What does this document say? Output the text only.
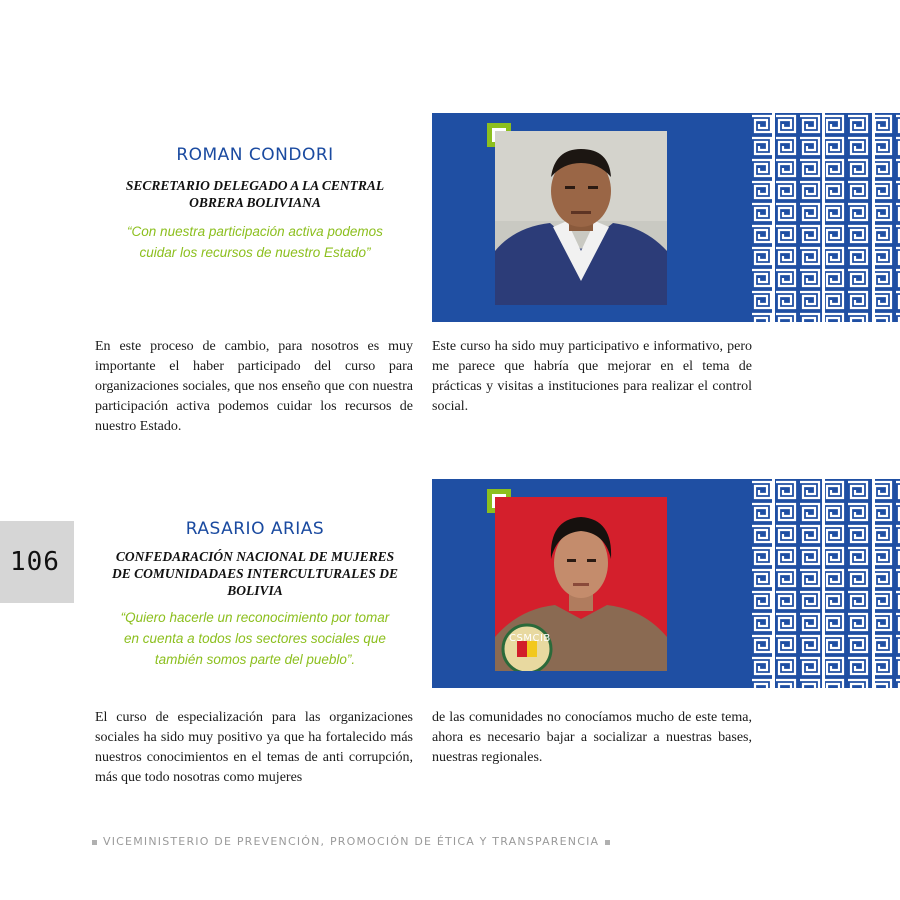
ROMAN CONDORI
SECRETARIO DELEGADO A LA CENTRAL
OBRERA BOLIVIANA
“Con nuestra participación activa podemos
cuidar los recursos de nuestro Estado”
En este proceso de cambio, para nosotros es muy importante el haber participado del curso para organizaciones sociales, que nos enseño que con nuestra participación activa podemos cuidar los recursos de nuestro Estado.
Este curso ha sido muy participativo e informativo, pero me parece que habría que mejorar en el tema de prácticas y visitas a instituciones para realizar el control social.
106
RASARIO ARIAS
CONFEDARACIÓN NACIONAL DE MUJERES
DE COMUNIDADAES INTERCULTURALES DE
BOLIVIA
“Quiero hacerle un reconocimiento por tomar
en cuenta a todos los sectores sociales que
también somos parte del pueblo”.
CSMCIB
El curso de especialización para las organizaciones sociales ha sido muy positivo ya que ha fortalecido más nuestros conocimientos en el temas de anti corrupción, más que todo nosotras como mujeres
de las comunidades no conocíamos mucho de este tema, ahora es necesario bajar a socializar a nuestras bases, nuestras regionales.
VICEMINISTERIO DE PREVENCIÓN, PROMOCIÓN DE ÉTICA Y TRANSPARENCIA
